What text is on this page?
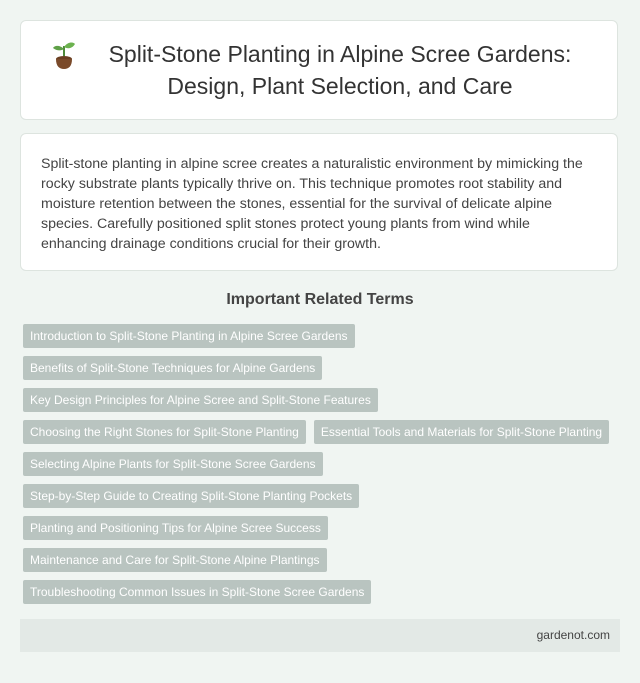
Split-Stone Planting in Alpine Scree Gardens: Design, Plant Selection, and Care

Split-stone planting in alpine scree creates a naturalistic environment by mimicking the rocky substrate plants typically thrive on. This technique promotes root stability and moisture retention between the stones, essential for the survival of delicate alpine species. Carefully positioned split stones protect young plants from wind while enhancing drainage conditions crucial for their growth.

Important Related Terms
Introduction to Split-Stone Planting in Alpine Scree Gardens
Benefits of Split-Stone Techniques for Alpine Gardens
Key Design Principles for Alpine Scree and Split-Stone Features
Choosing the Right Stones for Split-Stone Planting	Essential Tools and Materials for Split-Stone Planting
Selecting Alpine Plants for Split-Stone Scree Gardens
Step-by-Step Guide to Creating Split-Stone Planting Pockets
Planting and Positioning Tips for Alpine Scree Success
Maintenance and Care for Split-Stone Alpine Plantings
Troubleshooting Common Issues in Split-Stone Scree Gardens
gardenot.com
